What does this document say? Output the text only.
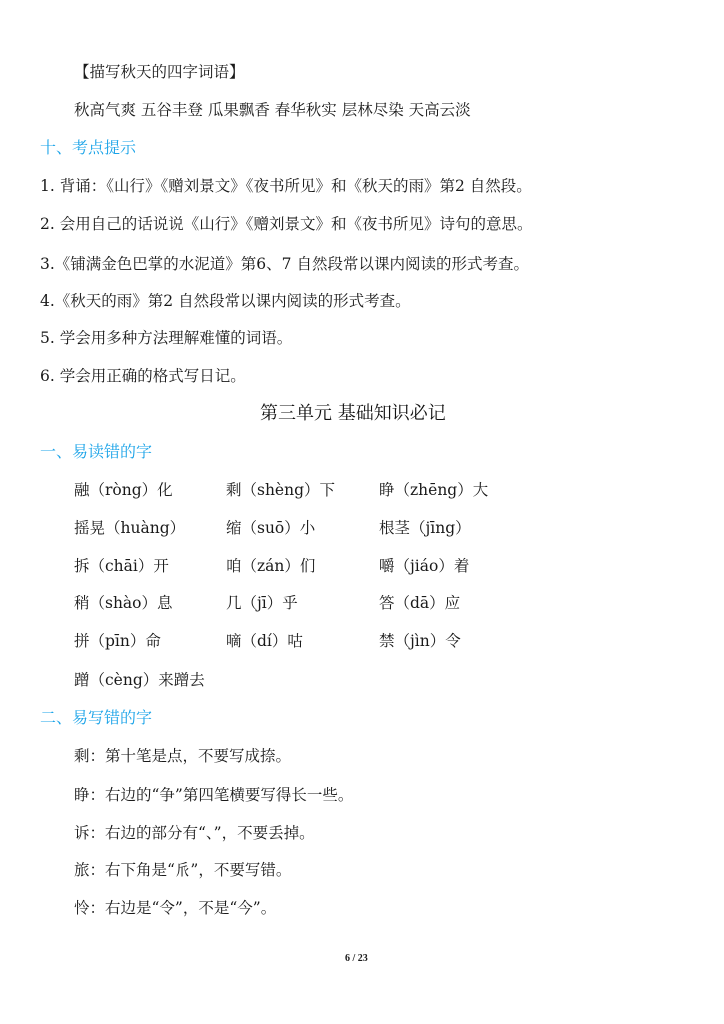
【描写秋天的四字词语】
秋高气爽 五谷丰登 瓜果飘香 春华秋实 层林尽染 天高云淡
十、考点提示
1. 背诵：《山行》《赠刘景文》《夜书所见》和《秋天的雨》第2 自然段。
2. 会用自己的话说说《山行》《赠刘景文》和《夜书所见》诗句的意思。
3.《铺满金色巴掌的水泥道》第6、7 自然段常以课内阅读的形式考查。
4.《秋天的雨》第2 自然段常以课内阅读的形式考查。
5. 学会用多种方法理解难懂的词语。
6. 学会用正确的格式写日记。
第三单元 基础知识必记
一、易读错的字
融（ròng）化	剩（shèng）下	睁（zhēng）大
摇晃（huàng）	缩（suō）小	根茎（jīng）
拆（chāi）开	咱（zán）们	嚼（jiáo）着
稍（shào）息	几（jī）乎	答（dā）应
拼（pīn）命	嘀（dí）咕	禁（jìn）令
蹭（cèng）来蹭去
二、易写错的字
剩：第十笔是点，不要写成捺。
睁：右边的“争”第四笔横要写得长一些。
诉：右边的部分有“、”，不要丢掉。
旅：右下角是“𠂢”，不要写错。
怜：右边是“令”，不是“今”。
6 / 23
